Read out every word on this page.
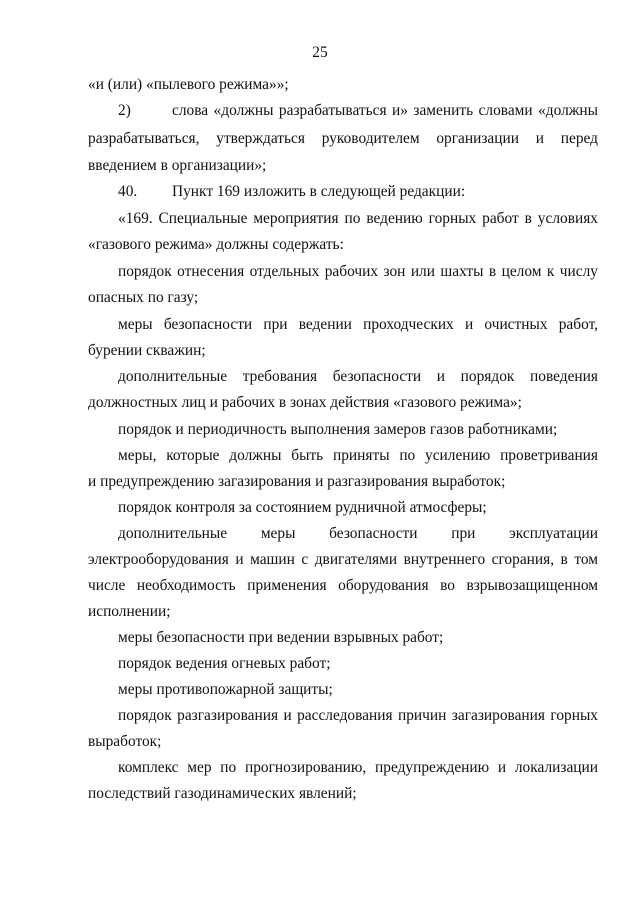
25
«и (или) «пылевого режима»»;
2)	слова «должны разрабатываться и» заменить словами «должны
разрабатываться, утверждаться руководителем организации и перед
введением в организации»;
40. Пункт 169 изложить в следующей редакции:
«169. Специальные мероприятия по ведению горных работ в условиях
«газового режима» должны содержать:
порядок отнесения отдельных рабочих зон или шахты в целом к числу
опасных по газу;
меры безопасности при ведении проходческих и очистных работ,
бурении скважин;
дополнительные требования безопасности и порядок поведения
должностных лиц и рабочих в зонах действия «газового режима»;
порядок и периодичность выполнения замеров газов работниками;
меры, которые должны быть приняты по усилению проветривания
и предупреждению загазирования и разгазирования выработок;
порядок контроля за состоянием рудничной атмосферы;
дополнительные меры безопасности при эксплуатации
электрооборудования и машин с двигателями внутреннего сгорания, в том
числе необходимость применения оборудования во взрывозащищенном
исполнении;
меры безопасности при ведении взрывных работ;
порядок ведения огневых работ;
меры противопожарной защиты;
порядок разгазирования и расследования причин загазирования горных
выработок;
комплекс мер по прогнозированию, предупреждению и локализации
последствий газодинамических явлений;
